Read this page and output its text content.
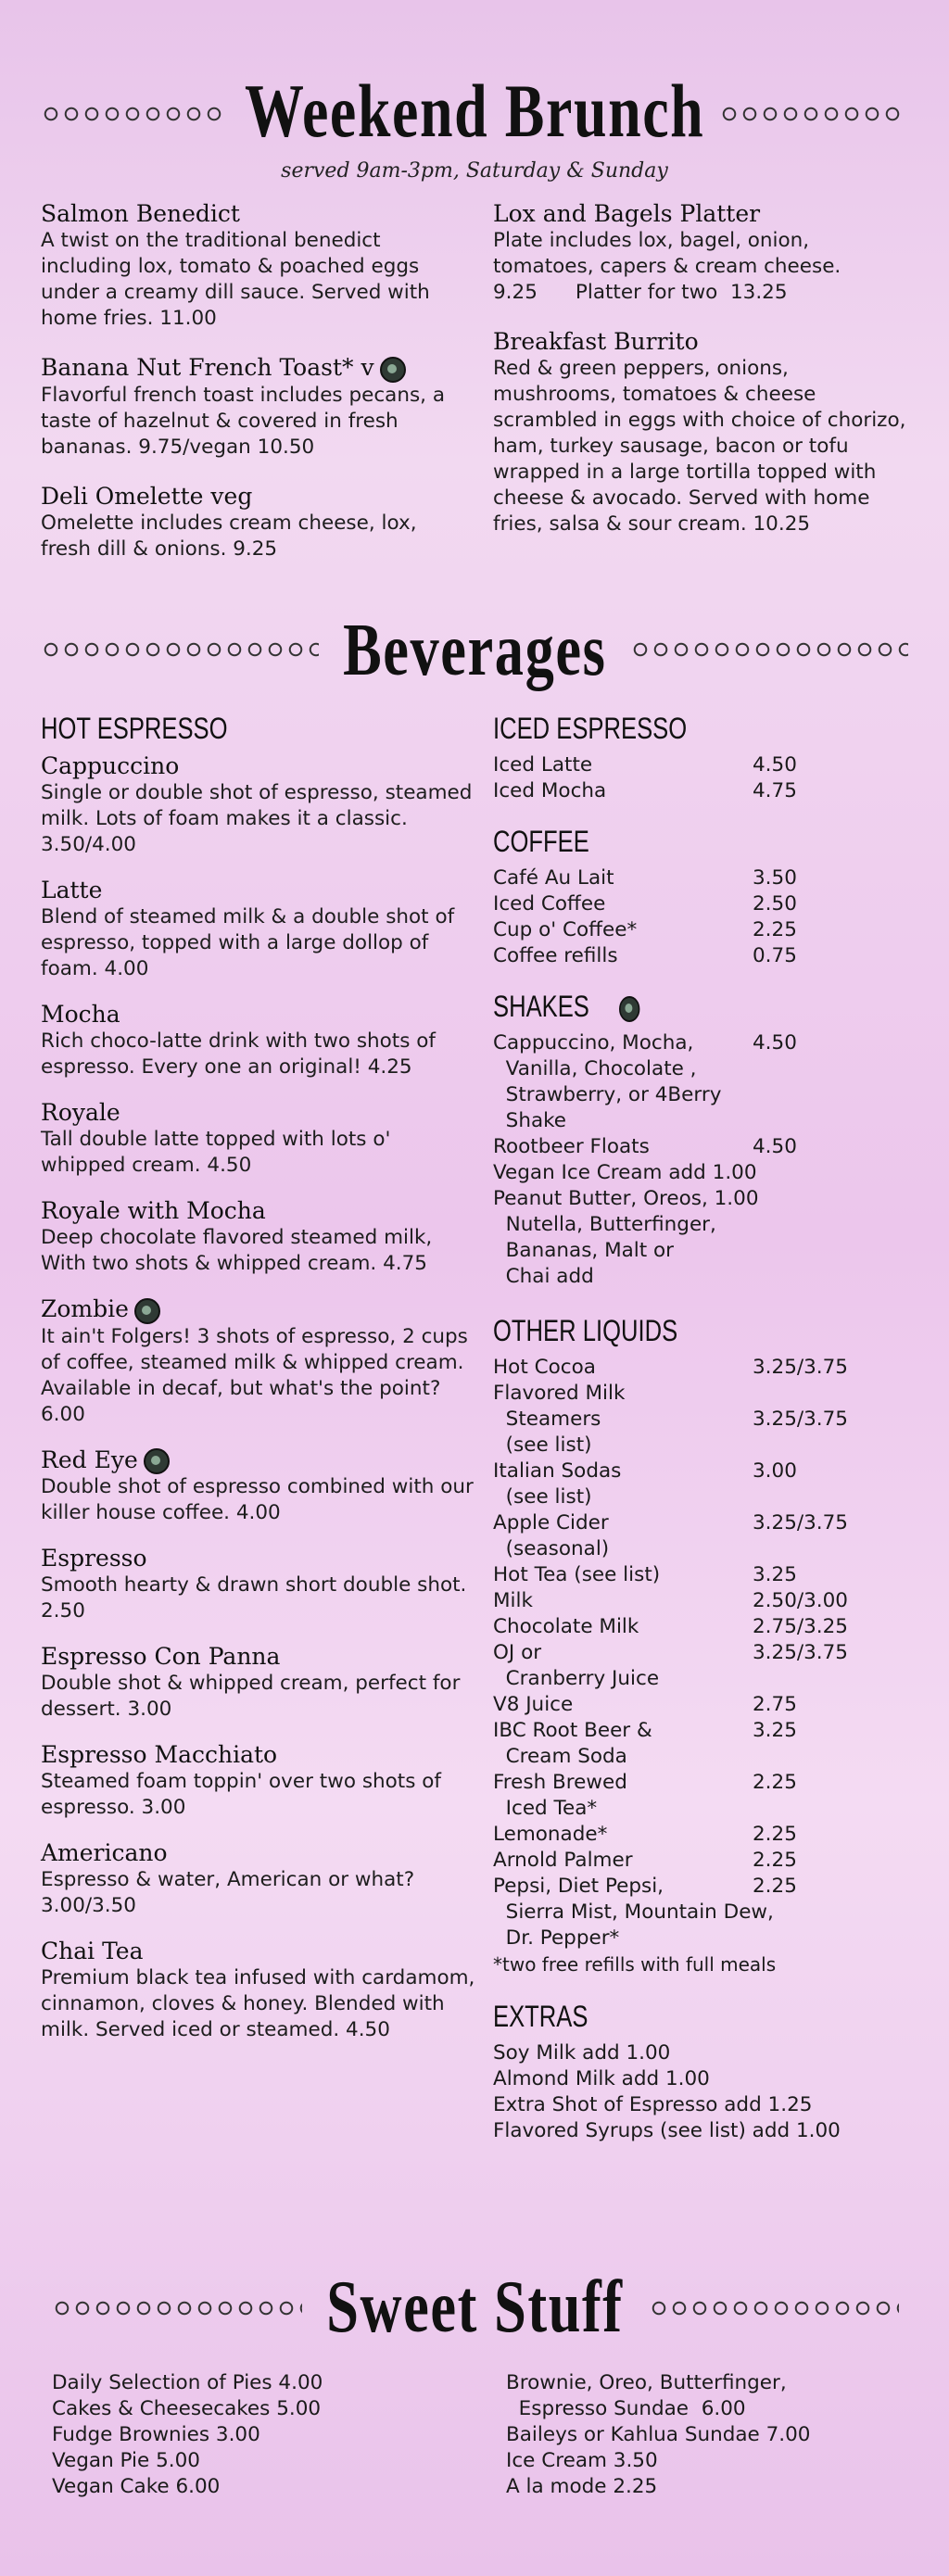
Weekend Brunch
served 9am-3pm, Saturday & Sunday
Salmon Benedict
A twist on the traditional benedict including lox, tomato & poached eggs under a creamy dill sauce. Served with home fries. 11.00
Banana Nut French Toast* v
Flavorful french toast includes pecans, a taste of hazelnut & covered in fresh bananas. 9.75/vegan 10.50
Deli Omelette veg
Omelette includes cream cheese, lox, fresh dill & onions. 9.25
Lox and Bagels Platter
Plate includes lox, bagel, onion, tomatoes, capers & cream cheese.
9.25      Platter for two  13.25
Breakfast Burrito
Red & green peppers, onions, mushrooms, tomatoes & cheese scrambled in eggs with choice of chorizo, ham, turkey sausage, bacon or tofu wrapped in a large tortilla topped with cheese & avocado. Served with home fries, salsa & sour cream. 10.25
Beverages
HOT ESPRESSO
Cappuccino
Single or double shot of espresso, steamed milk. Lots of foam makes it a classic. 3.50/4.00
Latte
Blend of steamed milk & a double shot of espresso, topped with a large dollop of foam. 4.00
Mocha
Rich choco-latte drink with two shots of espresso. Every one an original! 4.25
Royale
Tall double latte topped with lots o' whipped cream. 4.50
Royale with Mocha
Deep chocolate flavored steamed milk, With two shots & whipped cream. 4.75
Zombie
It ain't Folgers! 3 shots of espresso, 2 cups of coffee, steamed milk & whipped cream. Available in decaf, but what's the point? 6.00
Red Eye
Double shot of espresso combined with our killer house coffee. 4.00
Espresso
Smooth hearty & drawn short double shot. 2.50
Espresso Con Panna
Double shot & whipped cream, perfect for dessert. 3.00
Espresso Macchiato
Steamed foam toppin' over two shots of espresso. 3.00
Americano
Espresso & water, American or what? 3.00/3.50
Chai Tea
Premium black tea infused with cardamom, cinnamon, cloves & honey. Blended with milk. Served iced or steamed. 4.50
ICED ESPRESSO
Iced Latte	4.50
Iced Mocha	4.75
COFFEE
Café Au Lait	3.50
Iced Coffee	2.50
Cup o' Coffee*	2.25
Coffee refills	0.75
SHAKES
Cappuccino, Mocha,	4.50
Vanilla, Chocolate ,
Strawberry, or 4Berry
Shake
Rootbeer Floats	4.50
Vegan Ice Cream add 1.00
Peanut Butter, Oreos, 1.00
Nutella, Butterfinger,
Bananas, Malt or
Chai add
OTHER LIQUIDS
Hot Cocoa	3.25/3.75
Flavored Milk
Steamers	3.25/3.75
(see list)
Italian Sodas	3.00
(see list)
Apple Cider	3.25/3.75
(seasonal)
Hot Tea (see list)	3.25
Milk	2.50/3.00
Chocolate Milk	2.75/3.25
OJ or	3.25/3.75
Cranberry Juice
V8 Juice	2.75
IBC Root Beer &	3.25
Cream Soda
Fresh Brewed	2.25
Iced Tea*
Lemonade*	2.25
Arnold Palmer	2.25
Pepsi, Diet Pepsi,	2.25
Sierra Mist, Mountain Dew,
Dr. Pepper*
*two free refills with full meals
EXTRAS
Soy Milk add 1.00
Almond Milk add 1.00
Extra Shot of Espresso add 1.25
Flavored Syrups (see list) add 1.00
Sweet Stuff
Daily Selection of Pies 4.00
Cakes & Cheesecakes 5.00
Fudge Brownies 3.00
Vegan Pie 5.00
Vegan Cake 6.00
Brownie, Oreo, Butterfinger,
Espresso Sundae  6.00
Baileys or Kahlua Sundae 7.00
Ice Cream 3.50
A la mode 2.25
